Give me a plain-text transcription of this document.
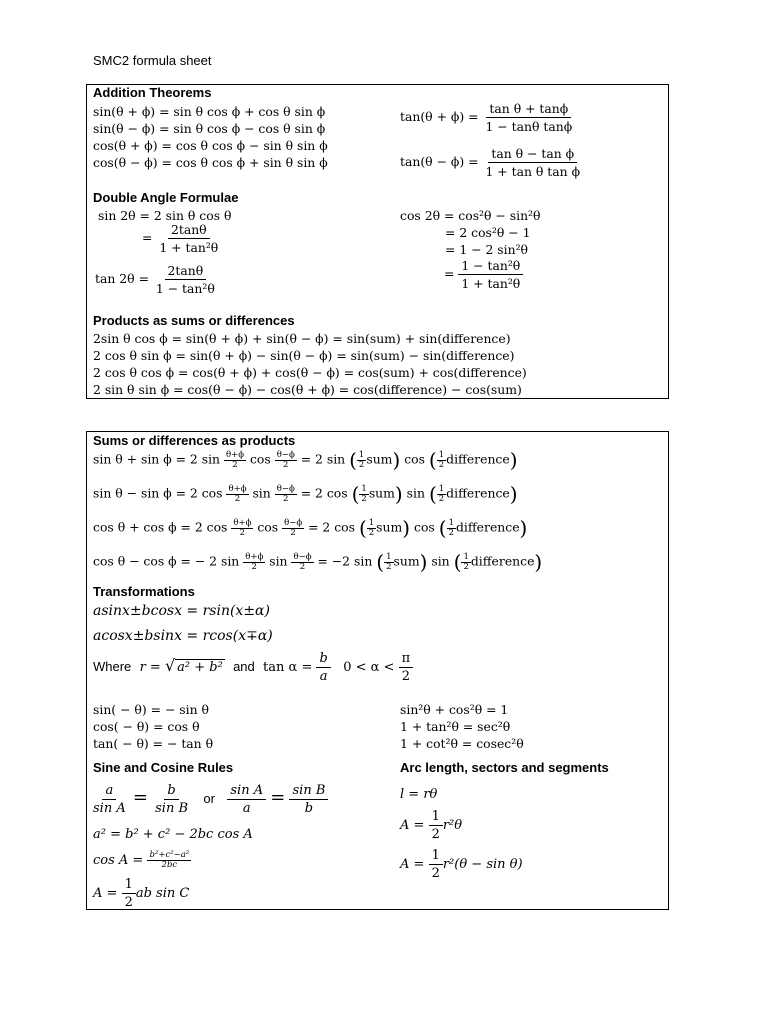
SMC2 formula sheet
Addition Theorems
sin(θ + ϕ) = sin θ cos ϕ + cos θ sin ϕ
sin(θ − ϕ) = sin θ cos ϕ − cos θ sin ϕ
cos(θ + ϕ) = cos θ cos ϕ − sin θ sin ϕ
cos(θ − ϕ) = cos θ cos ϕ + sin θ sin ϕ
$\tan(\theta + \phi) = \frac{\text{tan θ + tanϕ}}{\text{1 − tanθ tanϕ}}$
$\tan(\theta - \phi) = \frac{\text{tan θ − tan ϕ}}{\text{1 + tan θ tan ϕ}}$
Double Angle Formulae
sin 2θ = 2 sin θ cos θ
= $\frac{2\tan\theta}{\text{1 + tan²θ}}$
$\tan 2\theta = \frac{2\tan\theta}{\text{1 − tan²θ}}$
cos 2θ = cos²θ − sin²θ
= 2 cos²θ − 1
= 1 − 2 sin²θ
= $\frac{\text{1 − tan²θ}}{\text{1 + tan²θ}}$
Products as sums or differences
2sin θ cos ϕ = sin(θ + ϕ) + sin(θ − ϕ) = sin(sum) + sin(difference)
2 cos θ sin ϕ = sin(θ + ϕ) − sin(θ − ϕ) = sin(sum) − sin(difference)
2 cos θ cos ϕ = cos(θ + ϕ) + cos(θ − ϕ) = cos(sum) + cos(difference)
2 sin θ sin ϕ = cos(θ − ϕ) − cos(θ + ϕ) = cos(difference) − cos(sum)
Sums or differences as products
sin θ + sin ϕ = 2 $\sin \frac{\theta+\phi}{2}$ $\cos \frac{\theta-\phi}{2} = 2$ sin ( $\frac{1}{2} sum$) cos ( $\frac{1}{2}$ difference)
sin θ − sin ϕ = 2 $\cos \frac{\theta+\phi}{2}$ $\sin \frac{\theta-\phi}{2} = 2$ cos ( $\frac{1}{2} sum$) sin ( $\frac{1}{2}$ difference)
cos θ + cos ϕ = 2 $\cos \frac{\theta+\phi}{2}$ $\cos \frac{\theta-\phi}{2} = 2$ cos ( $\frac{1}{2} sum$) cos ( $\frac{1}{2}$ difference)
cos θ − cos ϕ = − 2 $\sin \frac{\theta+\phi}{2}$ $\sin \frac{\theta-\phi}{2} = -2$ sin ( $\frac{1}{2} sum$) sin ( $\frac{1}{2}$ difference)
Transformations
asinx±bcosx = rsin(x±α)
acosx±bsinx = rcos(x∓α)
Where r = √ a² + b² and $\tan \alpha = \frac{b}{a} 0 < \alpha < \frac{\pi}{2}$
sin( − θ) = − sin θ
cos( − θ) = cos θ
tan( − θ) = − tan θ
sin²θ + cos²θ = 1
1 + tan²θ = sec²θ
1 + cot²θ = cosec²θ
Sine and Cosine Rules	Arc length, sectors and segments
$\frac{a}{\text{sin A}} = \frac{b}{\text{sin B}}$ or $\frac{\text{sin A}}{a} = \frac{\text{sin B}}{b}$
a² = b² + c² − 2bc cos A
$\cos A = \frac{\text{b²+c²−a²}}{2bc}$
$A = \frac{1}{2}$ ab sin C
l = rθ
$A = \frac{1}{2} r^2\theta$
$A = \frac{1}{2} r^2(\theta - \sin \theta)$
